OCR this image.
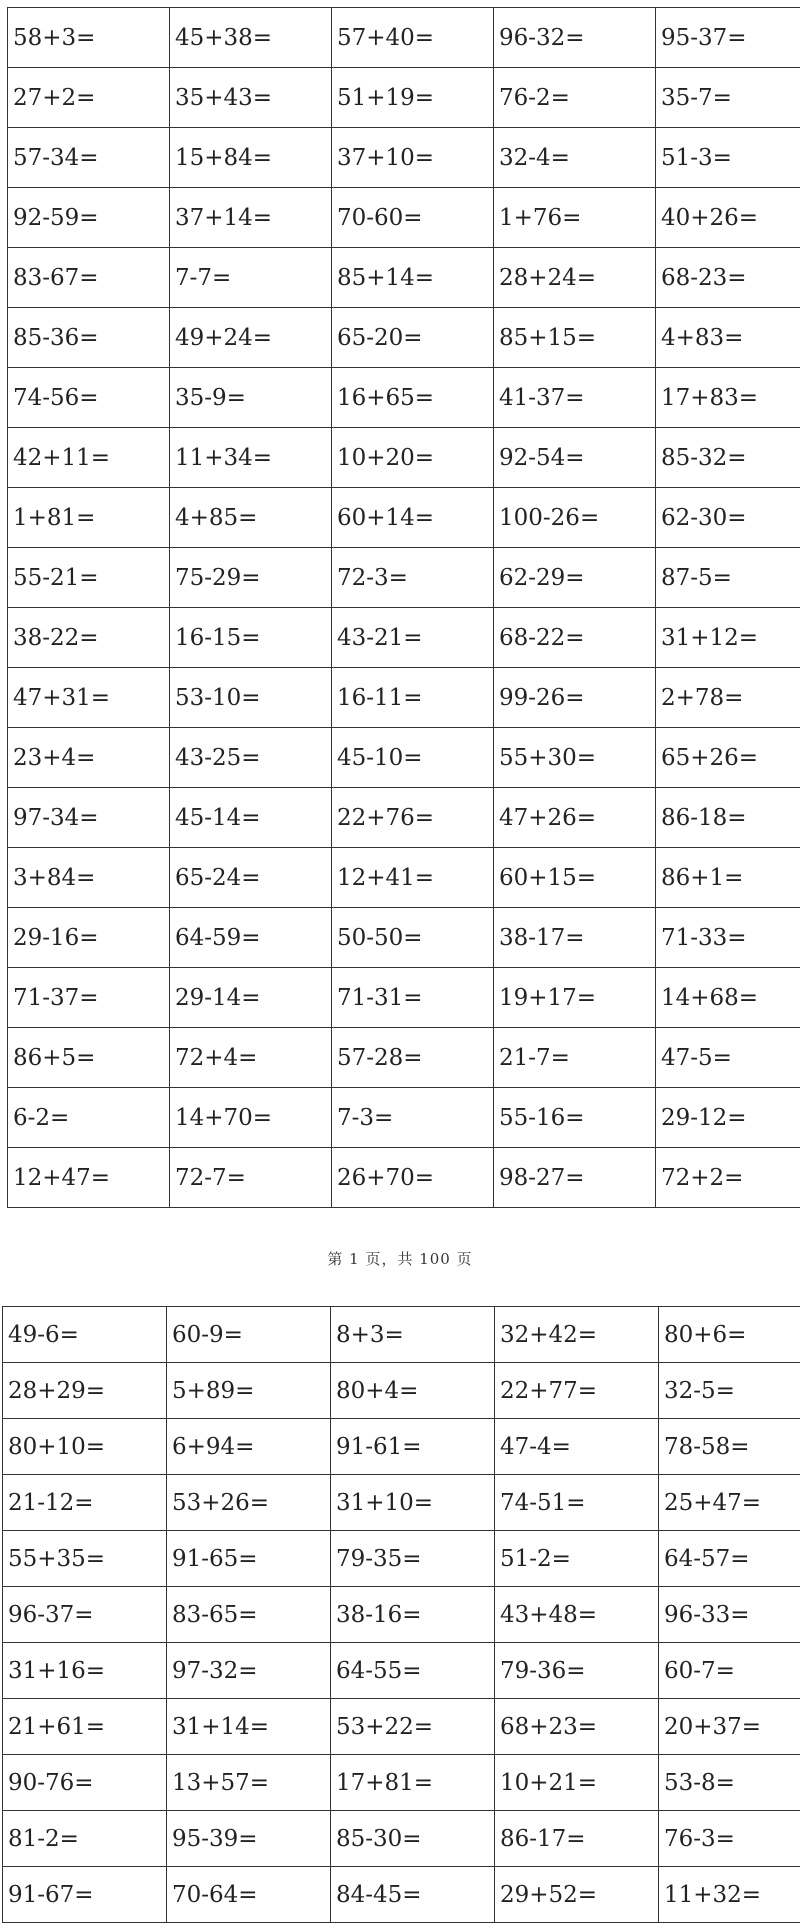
58+3=	45+38=	57+40=	96-32=	95-37=
27+2=	35+43=	51+19=	76-2=	35-7=
57-34=	15+84=	37+10=	32-4=	51-3=
92-59=	37+14=	70-60=	1+76=	40+26=
83-67=	7-7=	85+14=	28+24=	68-23=
85-36=	49+24=	65-20=	85+15=	4+83=
74-56=	35-9=	16+65=	41-37=	17+83=
42+11=	11+34=	10+20=	92-54=	85-32=
1+81=	4+85=	60+14=	100-26=	62-30=
55-21=	75-29=	72-3=	62-29=	87-5=
38-22=	16-15=	43-21=	68-22=	31+12=
47+31=	53-10=	16-11=	99-26=	2+78=
23+4=	43-25=	45-10=	55+30=	65+26=
97-34=	45-14=	22+76=	47+26=	86-18=
3+84=	65-24=	12+41=	60+15=	86+1=
29-16=	64-59=	50-50=	38-17=	71-33=
71-37=	29-14=	71-31=	19+17=	14+68=
86+5=	72+4=	57-28=	21-7=	47-5=
6-2=	14+70=	7-3=	55-16=	29-12=
12+47=	72-7=	26+70=	98-27=	72+2=
第 1 页，共 100 页
49-6=	60-9=	8+3=	32+42=	80+6=
28+29=	5+89=	80+4=	22+77=	32-5=
80+10=	6+94=	91-61=	47-4=	78-58=
21-12=	53+26=	31+10=	74-51=	25+47=
55+35=	91-65=	79-35=	51-2=	64-57=
96-37=	83-65=	38-16=	43+48=	96-33=
31+16=	97-32=	64-55=	79-36=	60-7=
21+61=	31+14=	53+22=	68+23=	20+37=
90-76=	13+57=	17+81=	10+21=	53-8=
81-2=	95-39=	85-30=	86-17=	76-3=
91-67=	70-64=	84-45=	29+52=	11+32=
